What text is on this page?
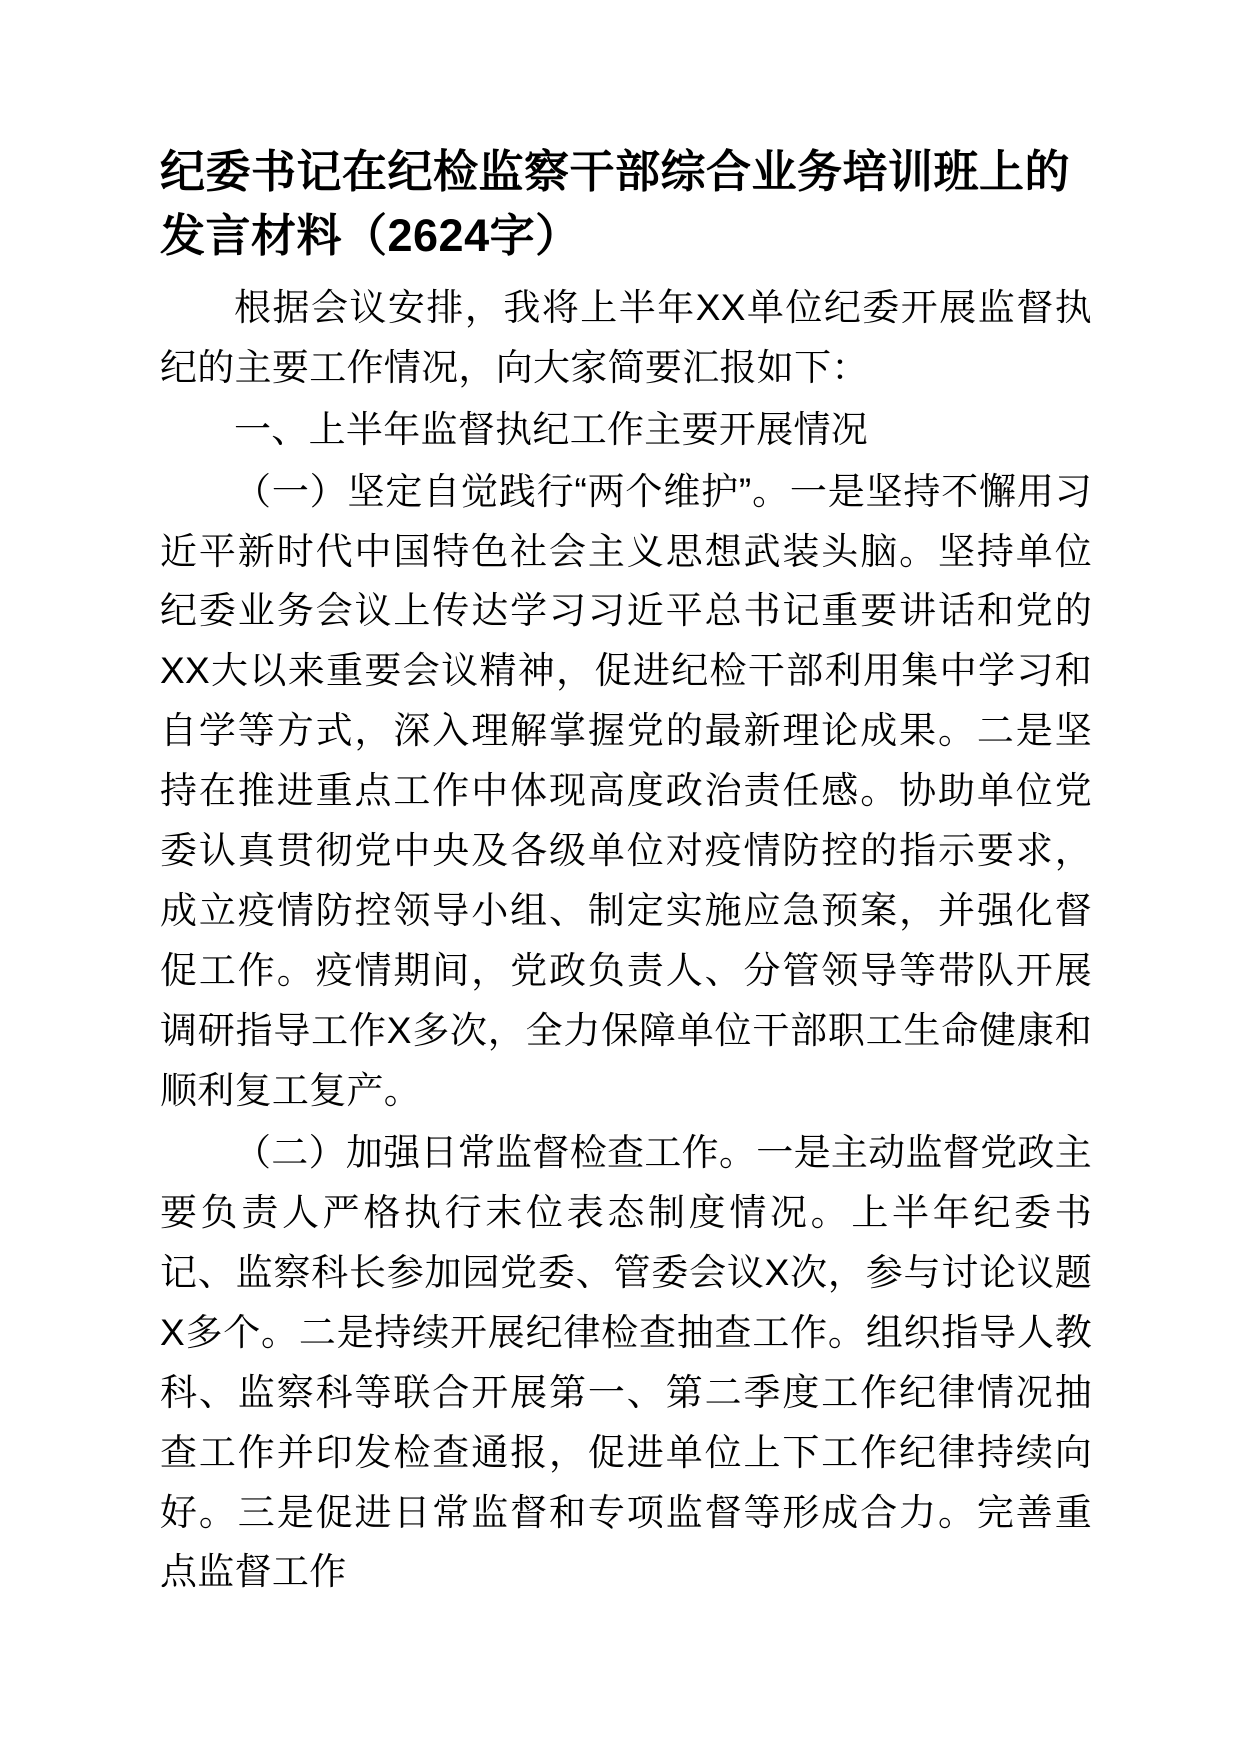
纪委书记在纪检监察干部综合业务培训班上的发言材料（2624字）

根据会议安排，我将上半年XX单位纪委开展监督执纪的主要工作情况，向大家简要汇报如下：

一、上半年监督执纪工作主要开展情况

（一）坚定自觉践行“两个维护”。一是坚持不懈用习近平新时代中国特色社会主义思想武装头脑。坚持单位纪委业务会议上传达学习习近平总书记重要讲话和党的XX大以来重要会议精神，促进纪检干部利用集中学习和自学等方式，深入理解掌握党的最新理论成果。二是坚持在推进重点工作中体现高度政治责任感。协助单位党委认真贯彻党中央及各级单位对疫情防控的指示要求，成立疫情防控领导小组、制定实施应急预案，并强化督促工作。疫情期间，党政负责人、分管领导等带队开展调研指导工作X多次，全力保障单位干部职工生命健康和顺利复工复产。

（二）加强日常监督检查工作。一是主动监督党政主要负责人严格执行末位表态制度情况。上半年纪委书记、监察科长参加园党委、管委会议X次，参与讨论议题X多个。二是持续开展纪律检查抽查工作。组织指导人教科、监察科等联合开展第一、第二季度工作纪律情况抽查工作并印发检查通报，促进单位上下工作纪律持续向好。三是促进日常监督和专项监督等形成合力。完善重点监督工作
